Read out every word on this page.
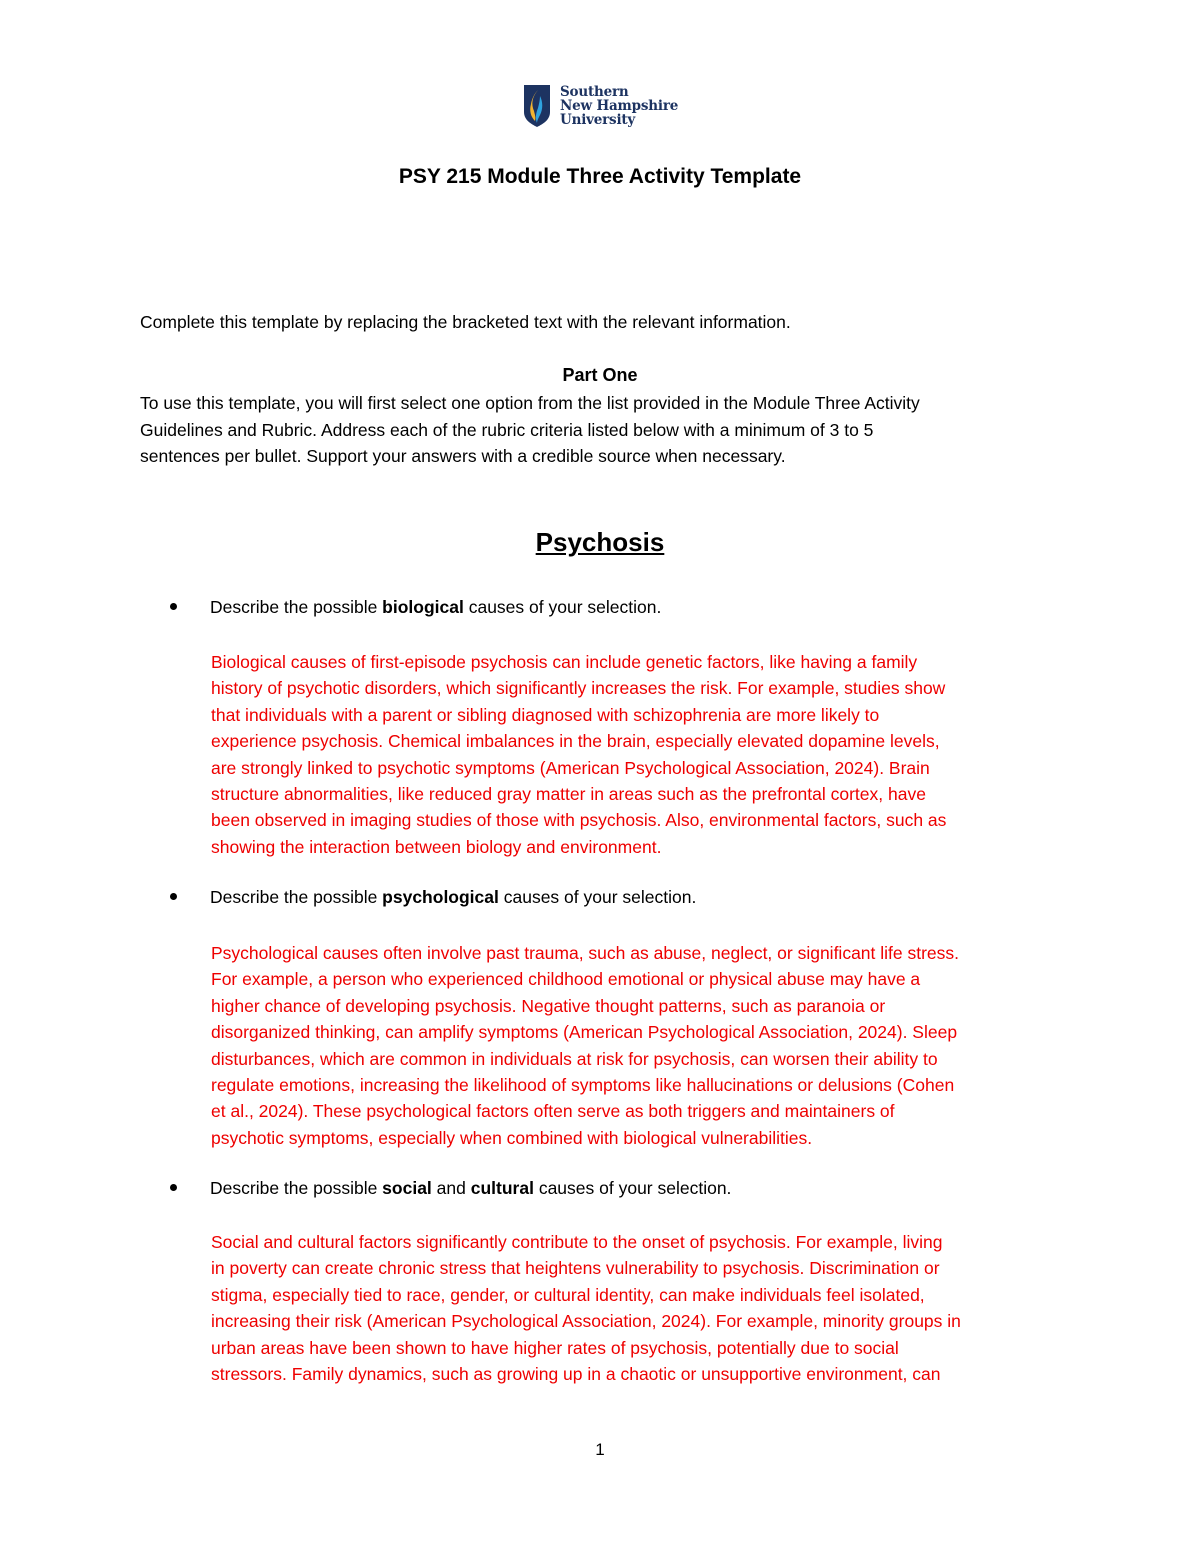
Southern
New Hampshire
University
PSY 215 Module Three Activity Template
Complete this template by replacing the bracketed text with the relevant information.
Part One
To use this template, you will first select one option from the list provided in the Module Three Activity
Guidelines and Rubric. Address each of the rubric criteria listed below with a minimum of 3 to 5
sentences per bullet. Support your answers with a credible source when necessary.
Psychosis
Describe the possible biological causes of your selection.
Biological causes of first-episode psychosis can include genetic factors, like having a family
history of psychotic disorders, which significantly increases the risk. For example, studies show
that individuals with a parent or sibling diagnosed with schizophrenia are more likely to
experience psychosis. Chemical imbalances in the brain, especially elevated dopamine levels,
are strongly linked to psychotic symptoms (American Psychological Association, 2024). Brain
structure abnormalities, like reduced gray matter in areas such as the prefrontal cortex, have
been observed in imaging studies of those with psychosis. Also, environmental factors, such as
showing the interaction between biology and environment.
Describe the possible psychological causes of your selection.
Psychological causes often involve past trauma, such as abuse, neglect, or significant life stress.
For example, a person who experienced childhood emotional or physical abuse may have a
higher chance of developing psychosis. Negative thought patterns, such as paranoia or
disorganized thinking, can amplify symptoms (American Psychological Association, 2024). Sleep
disturbances, which are common in individuals at risk for psychosis, can worsen their ability to
regulate emotions, increasing the likelihood of symptoms like hallucinations or delusions (Cohen
et al., 2024). These psychological factors often serve as both triggers and maintainers of
psychotic symptoms, especially when combined with biological vulnerabilities.
Describe the possible social and cultural causes of your selection.
Social and cultural factors significantly contribute to the onset of psychosis. For example, living
in poverty can create chronic stress that heightens vulnerability to psychosis. Discrimination or
stigma, especially tied to race, gender, or cultural identity, can make individuals feel isolated,
increasing their risk (American Psychological Association, 2024). For example, minority groups in
urban areas have been shown to have higher rates of psychosis, potentially due to social
stressors. Family dynamics, such as growing up in a chaotic or unsupportive environment, can
1
